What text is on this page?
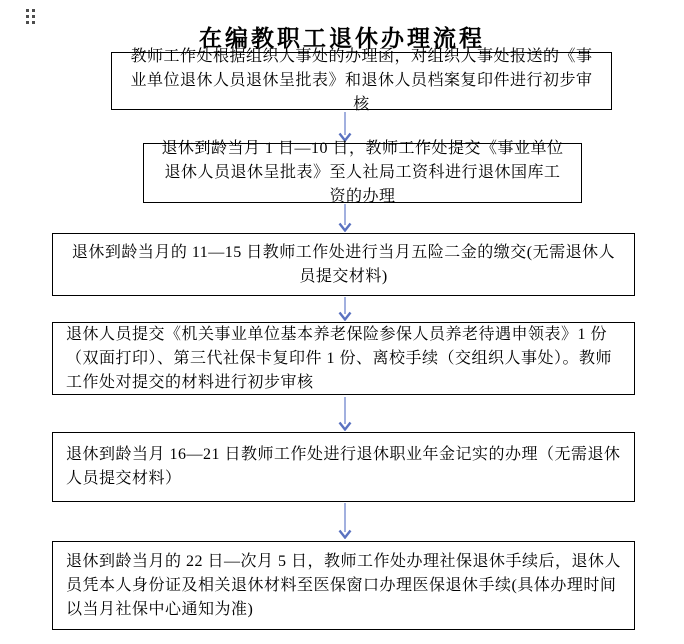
在编教职工退休办理流程
教师工作处根据组织人事处的办理函，对组织人事处报送的《事业单位退休人员退休呈批表》和退休人员档案复印件进行初步审核
退休到龄当月 1 日—10 日，教师工作处提交《事业单位退休人员退休呈批表》至人社局工资科进行退休国库工资的办理
退休到龄当月的 11—15 日教师工作处进行当月五险二金的缴交(无需退休人员提交材料)
退休人员提交《机关事业单位基本养老保险参保人员养老待遇申领表》1 份（双面打印）、第三代社保卡复印件 1 份、离校手续（交组织人事处）。教师工作处对提交的材料进行初步审核
退休到龄当月 16—21 日教师工作处进行退休职业年金记实的办理（无需退休人员提交材料）
退休到龄当月的 22 日—次月 5 日，教师工作处办理社保退休手续后，退休人员凭本人身份证及相关退休材料至医保窗口办理医保退休手续(具体办理时间以当月社保中心通知为准)
